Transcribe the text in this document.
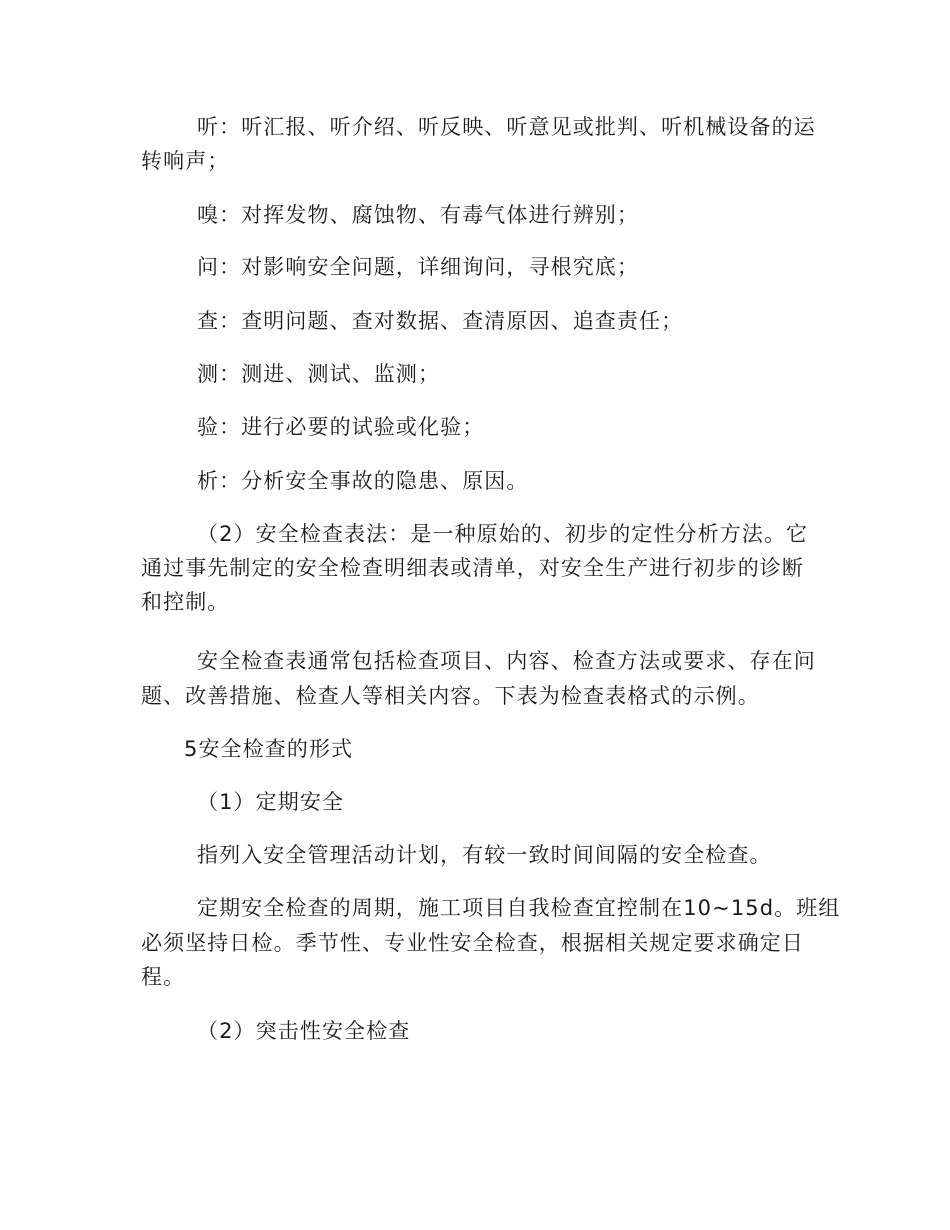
听：听汇报、听介绍、听反映、听意见或批判、听机械设备的运

转响声；

嗅：对挥发物、腐蚀物、有毒气体进行辨别；

问：对影响安全问题，详细询问，寻根究底；

查：查明问题、查对数据、查清原因、追查责任；

测：测进、测试、监测；

验：进行必要的试验或化验；

析：分析安全事故的隐患、原因。

（2）安全检查表法：是一种原始的、初步的定性分析方法。它

通过事先制定的安全检查明细表或清单，对安全生产进行初步的诊断

和控制。

安全检查表通常包括检查项目、内容、检查方法或要求、存在问

题、改善措施、检查人等相关内容。下表为检查表格式的示例。

5安全检查的形式

（1）定期安全

指列入安全管理活动计划，有较一致时间间隔的安全检查。

定期安全检查的周期，施工项目自我检查宜控制在10~15d。班组

必须坚持日检。季节性、专业性安全检查，根据相关规定要求确定日

程。

（2）突击性安全检查
